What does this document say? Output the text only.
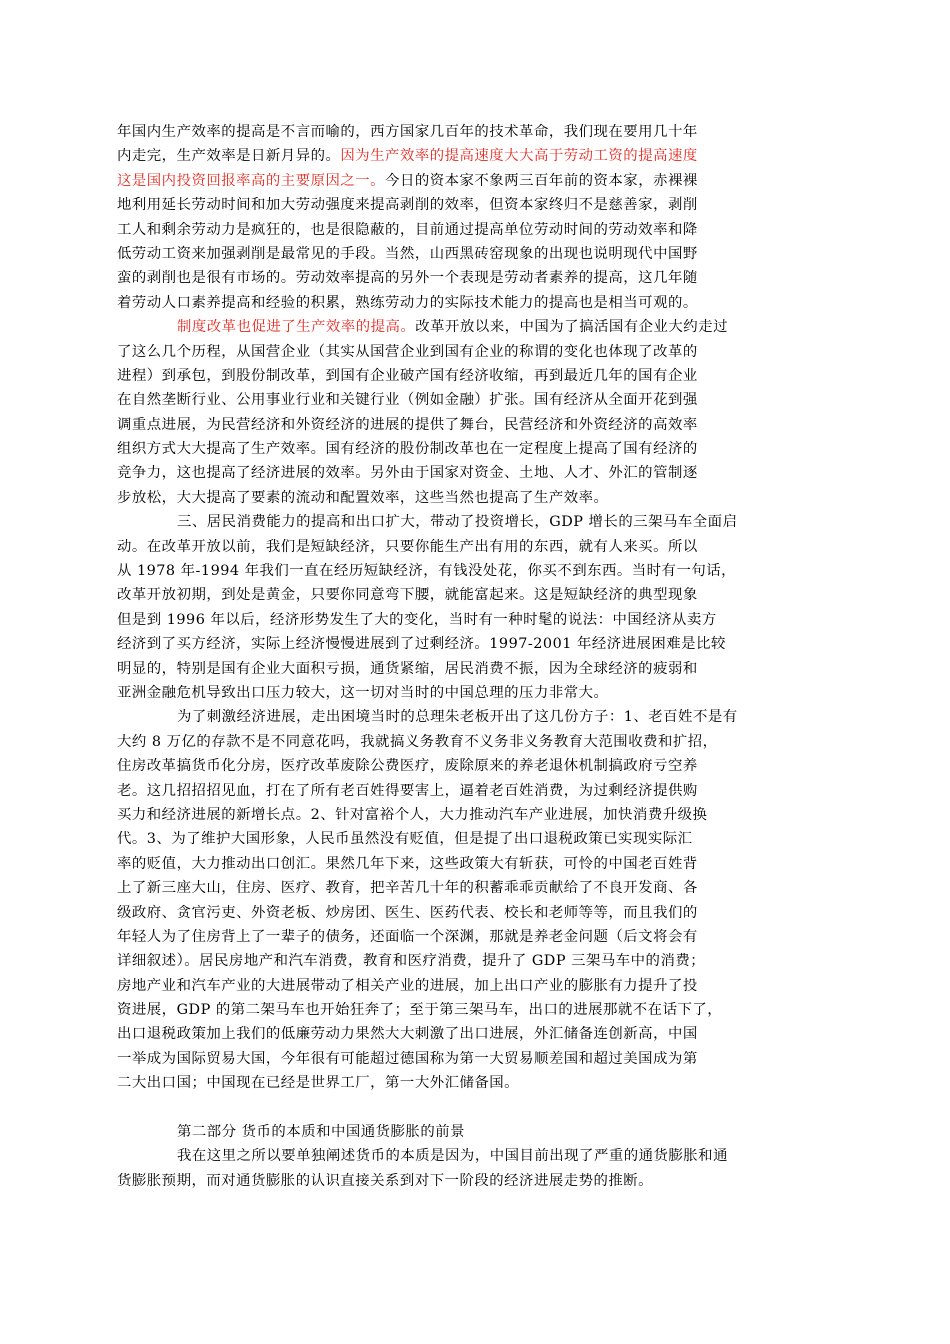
年国内生产效率的提高是不言而喻的，西方国家几百年的技术革命，我们现在要用几十年
内走完，生产效率是日新月异的。因为生产效率的提高速度大大高于劳动工资的提高速度
这是国内投资回报率高的主要原因之一。今日的资本家不象两三百年前的资本家，赤裸裸
地利用延长劳动时间和加大劳动强度来提高剥削的效率，但资本家终归不是慈善家，剥削
工人和剩余劳动力是疯狂的，也是很隐蔽的，目前通过提高单位劳动时间的劳动效率和降
低劳动工资来加强剥削是最常见的手段。当然，山西黑砖窑现象的出现也说明现代中国野
蛮的剥削也是很有市场的。劳动效率提高的另外一个表现是劳动者素养的提高，这几年随
着劳动人口素养提高和经验的积累，熟练劳动力的实际技术能力的提高也是相当可观的。
制度改革也促进了生产效率的提高。改革开放以来，中国为了搞活国有企业大约走过
了这么几个历程，从国营企业（其实从国营企业到国有企业的称谓的变化也体现了改革的
进程）到承包，到股份制改革，到国有企业破产国有经济收缩，再到最近几年的国有企业
在自然垄断行业、公用事业行业和关键行业（例如金融）扩张。国有经济从全面开花到强
调重点进展，为民营经济和外资经济的进展的提供了舞台，民营经济和外资经济的高效率
组织方式大大提高了生产效率。国有经济的股份制改革也在一定程度上提高了国有经济的
竞争力，这也提高了经济进展的效率。另外由于国家对资金、土地、人才、外汇的管制逐
步放松，大大提高了要素的流动和配置效率，这些当然也提高了生产效率。
三、居民消费能力的提高和出口扩大，带动了投资增长，GDP 增长的三架马车全面启
动。在改革开放以前，我们是短缺经济，只要你能生产出有用的东西，就有人来买。所以
从 1978 年-1994 年我们一直在经历短缺经济，有钱没处花，你买不到东西。当时有一句话，
改革开放初期，到处是黄金，只要你同意弯下腰，就能富起来。这是短缺经济的典型现象
但是到 1996 年以后，经济形势发生了大的变化，当时有一种时髦的说法：中国经济从卖方
经济到了买方经济，实际上经济慢慢进展到了过剩经济。1997-2001 年经济进展困难是比较
明显的，特别是国有企业大面积亏损，通货紧缩，居民消费不振，因为全球经济的疲弱和
亚洲金融危机导致出口压力较大，这一切对当时的中国总理的压力非常大。
为了刺激经济进展，走出困境当时的总理朱老板开出了这几份方子：1、老百姓不是有
大约 8 万亿的存款不是不同意花吗，我就搞义务教育不义务非义务教育大范围收费和扩招，
住房改革搞货币化分房，医疗改革废除公费医疗，废除原来的养老退休机制搞政府亏空养
老。这几招招招见血，打在了所有老百姓得要害上，逼着老百姓消费，为过剩经济提供购
买力和经济进展的新增长点。2、针对富裕个人，大力推动汽车产业进展，加快消费升级换
代。3、为了维护大国形象，人民币虽然没有贬值，但是提了出口退税政策已实现实际汇
率的贬值，大力推动出口创汇。果然几年下来，这些政策大有斩获，可怜的中国老百姓背
上了新三座大山，住房、医疗、教育，把辛苦几十年的积蓄乖乖贡献给了不良开发商、各
级政府、贪官污吏、外资老板、炒房团、医生、医药代表、校长和老师等等，而且我们的
年轻人为了住房背上了一辈子的债务，还面临一个深渊，那就是养老金问题（后文将会有
详细叙述）。居民房地产和汽车消费，教育和医疗消费，提升了 GDP 三架马车中的消费；
房地产业和汽车产业的大进展带动了相关产业的进展，加上出口产业的膨胀有力提升了投
资进展，GDP 的第二架马车也开始狂奔了；至于第三架马车，出口的进展那就不在话下了，
出口退税政策加上我们的低廉劳动力果然大大刺激了出口进展，外汇储备连创新高，中国
一举成为国际贸易大国，今年很有可能超过德国称为第一大贸易顺差国和超过美国成为第
二大出口国；中国现在已经是世界工厂，第一大外汇储备国。
第二部分 货币的本质和中国通货膨胀的前景
我在这里之所以要单独阐述货币的本质是因为，中国目前出现了严重的通货膨胀和通
货膨胀预期，而对通货膨胀的认识直接关系到对下一阶段的经济进展走势的推断。
